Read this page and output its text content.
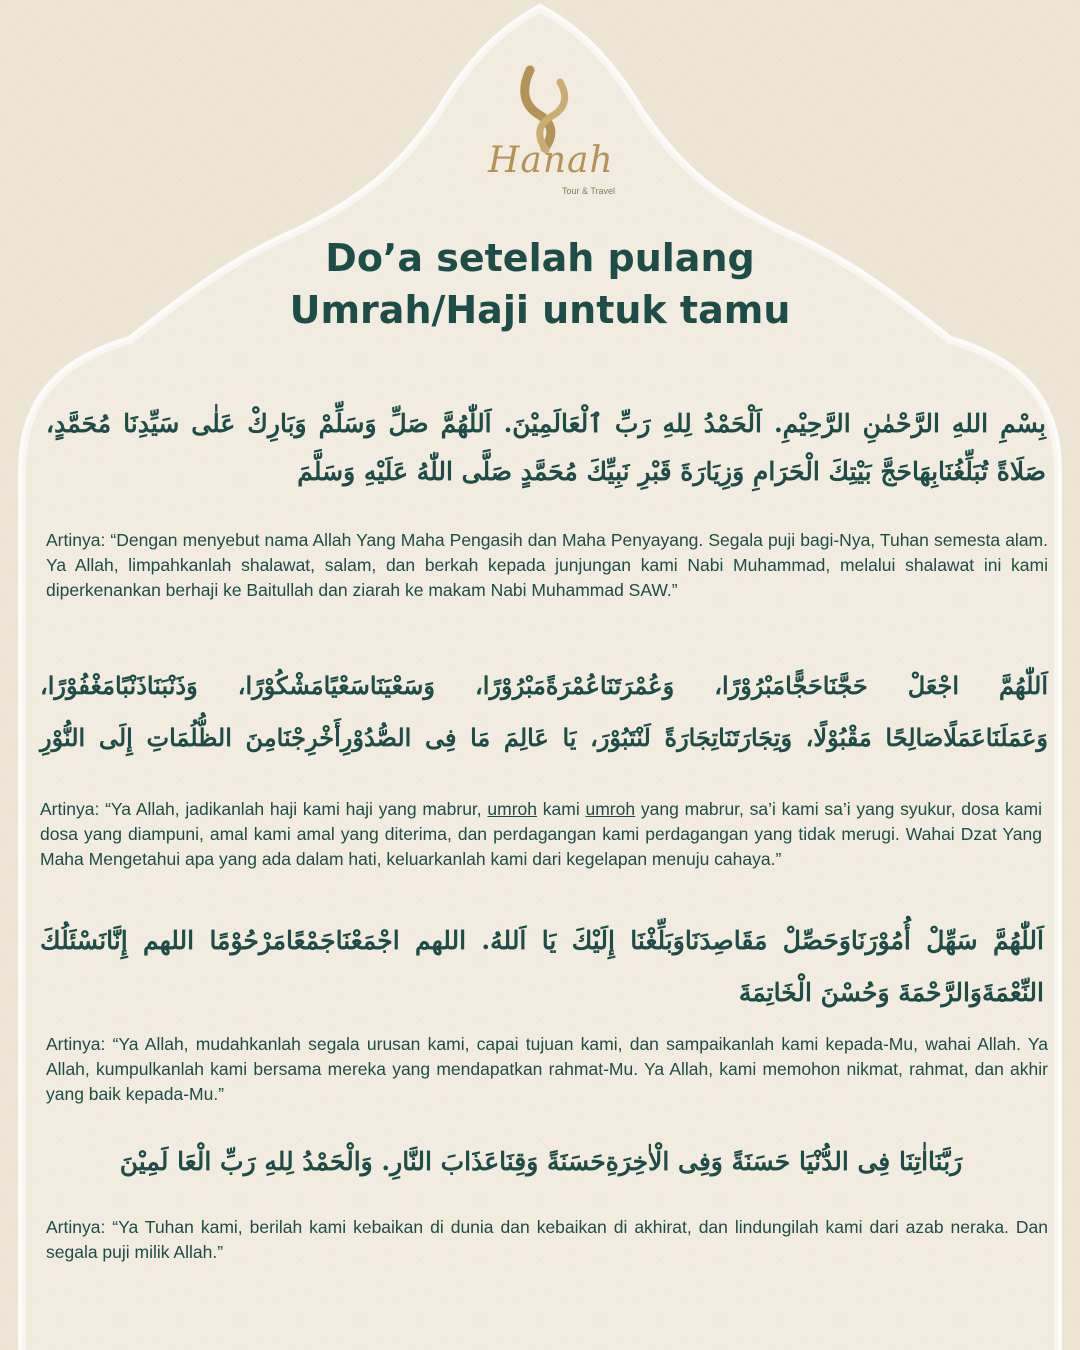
Hanah
Tour & Travel
Do’a setelah pulang
Umrah/Haji untuk tamu

بِسْمِ اللهِ الرَّحْمٰنِ الرَّحِيْمِ. اَلْحَمْدُ لِلهِ رَبِّ ٱلْعَالَمِيْنَ. اَللّٰهُمَّ صَلِّ وَسَلِّمْ وَبَارِكْ عَلٰى سَيِّدِنَا مُحَمَّدٍ،
صَلَاةً تُبَلِّغُنَابِهَاحَجَّ بَيْتِكَ الْحَرَامِ وَزِيَارَةَ قَبْرِ نَبِيِّكَ مُحَمَّدٍ صَلَّى اللّٰهُ عَلَيْهِ وَسَلَّمَ

Artinya: “Dengan menyebut nama Allah Yang Maha Pengasih dan Maha Penyayang. Segala puji bagi-Nya, Tuhan semesta alam. Ya Allah, limpahkanlah shalawat, salam, dan berkah kepada junjungan kami Nabi Muhammad, melalui shalawat ini kami diperkenankan berhaji ke Baitullah dan ziarah ke makam Nabi Muhammad SAW.”

اَللّٰهُمَّ اجْعَلْ حَجَّنَاحَجًّامَبْرُوْرًا، وَعُمْرَتَنَاعُمْرَةًمَبْرُوْرًا، وَسَعْيَنَاسَعْيًامَشْكُوْرًا، وَذَنْبَنَاذَنْبًامَغْفُوْرًا،
وَعَمَلَنَاعَمَلًاصَالِحًا مَقْبُوْلًا، وَتِجَارَتَنَاتِجَارَةً لَنْتَبُوْرَ، يَا عَالِمَ مَا فِى الصُّدُوْرِأَخْرِجْنَامِنَ الظُّلُمَاتِ إِلَى النُّوْرِ

Artinya: “Ya Allah, jadikanlah haji kami haji yang mabrur, umroh kami umroh yang mabrur, sa’i kami sa’i yang syukur, dosa kami dosa yang diampuni, amal kami amal yang diterima, dan perdagangan kami perdagangan yang tidak merugi. Wahai Dzat Yang Maha Mengetahui apa yang ada dalam hati, keluarkanlah kami dari kegelapan menuju cahaya.”

اَللّٰهُمَّ سَهِّلْ أُمُوْرَنَاوَحَصِّلْ مَقَاصِدَنَاوَبَلِّغْنَا إِلَيْكَ يَا اَللهُ. اللهم اجْمَعْنَاجَمْعًامَرْحُوْمًا اللهم إِنَّانَسْئَلُكَ
النِّعْمَةَوَالرَّحْمَةَ وَحُسْنَ الْخَاتِمَةَ

Artinya: “Ya Allah, mudahkanlah segala urusan kami, capai tujuan kami, dan sampaikanlah kami kepada-Mu, wahai Allah. Ya Allah, kumpulkanlah kami bersama mereka yang mendapatkan rahmat-Mu. Ya Allah, kami memohon nikmat, rahmat, dan akhir yang baik kepada-Mu.”

رَبَّنَااٰتِنَا فِى الدُّنْيَا حَسَنَةً وَفِى الْاٰخِرَةِحَسَنَةً وَقِنَاعَذَابَ النَّارِ. وَالْحَمْدُ لِلهِ رَبِّ الْعَا لَمِيْنَ

Artinya: “Ya Tuhan kami, berilah kami kebaikan di dunia dan kebaikan di akhirat, dan lindungilah kami dari azab neraka. Dan segala puji milik Allah.”
